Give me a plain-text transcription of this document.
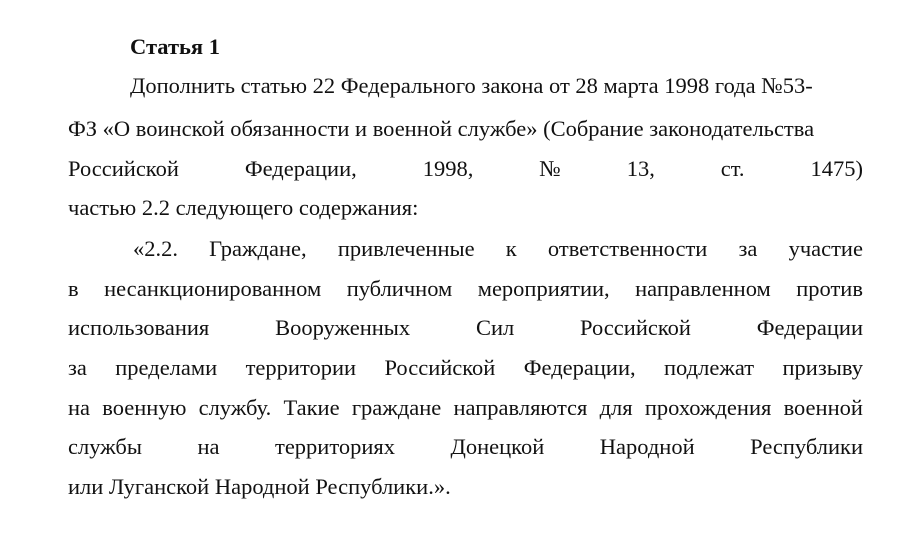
Статья 1
Дополнить статью 22 Федерального закона от 28 марта 1998 года №53-
ФЗ «О воинской обязанности и военной службе» (Собрание законодательства
Российской	Федерации,	1998,	№	13,	ст.	1475)
частью 2.2 следующего содержания:
«2.2. Граждане, привлеченные к ответственности за участие
в несанкционированном публичном мероприятии, направленном против
использования	Вооруженных	Сил	Российской	Федерации
за пределами территории Российской Федерации, подлежат призыву
на военную службу. Такие граждане направляются для прохождения военной
службы на территориях Донецкой Народной Республики
или Луганской Народной Республики.».
